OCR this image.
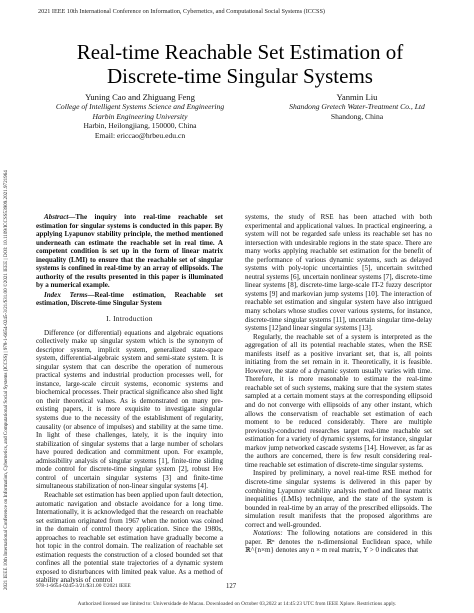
2021 IEEE 10th International Conference on Information, Cybernetics, and Computational Social Systems (ICCSS)
2021 IEEE 10th International Conference on Information, Cybernetics, and Computational Social Systems (ICCSS) | 978-1-6654-0245-3/21/$31.00 ©2021 IEEE | DOI: 10.1109/ICCSS53909.2021.9721964
Real-time Reachable Set Estimation of Discrete-time Singular Systems
Yuning Cao and Zhiguang Feng
College of Intelligent Systems Science and Engineering
Harbin Engineering University
Harbin, Heilongjiang, 150000, China
Email: ericcao@hrbeu.edu.cn
Yanmin Liu
Shandong Gretech Water-Treatment Co., Ltd
Shandong, China

Abstract—The inquiry into real-time reachable set estimation for singular systems is conducted in this paper. By applying Lyapunov stability principle, the method mentioned underneath can estimate the reachable set in real time. A competent condition is set up in the form of linear matrix inequality (LMI) to ensure that the reachable set of singular systems is confined in real-time by an array of ellipsoids. The authority of the results presented in this paper is illuminated by a numerical example.

Index Terms—Real-time estimation, Reachable set estimation, Discrete-time Singular System

I. Introduction

Difference (or differential) equations and algebraic equations collectively make up singular system which is the synonym of descriptor system, implicit system, generalized state-space system, differential-algebraic system and semi-state system. It is singular system that can describe the operation of numerous practical systems and industrial production processes well, for instance, large-scale circuit systems, economic systems and biochemical processes. Their practical significance also shed light on their theoretical values. As is demonstrated on many pre-existing papers, it is more exquisite to investigate singular systems due to the necessity of the establishment of regularity, causality (or absence of impulses) and stability at the same time. In light of these challenges, lately, it is the inquiry into stabilization of singular systems that a large number of scholars have poured dedication and commitment upon. For example, admissibility analysis of singular systems [1], finite-time sliding mode control for discrete-time singular system [2], robust H∞ control of uncertain singular systems [3] and finite-time simultaneous stabilization of non-linear singular systems [4].

Reachable set estimation has been applied upon fault detection, automatic navigation and obstacle avoidance for a long time. Internationally, it is acknowledged that the research on reachable set estimation originated from 1967 when the notion was coined in the domain of control theory application. Since the 1980s, approaches to reachable set estimation have gradually become a hot topic in the control domain. The realization of reachable set estimation requests the construction of a closed bounded set that confines all the potential state trajectories of a dynamic system exposed to disturbances with limited peak value. As a method of stability analysis of control

systems, the study of RSE has been attached with both experimental and applicational values. In practical engineering, a system will not be regarded safe unless its reachable set has no intersection with undesirable regions in the state space. There are many works applying reachable set estimation for the benefit of the performance of various dynamic systems, such as delayed systems with poly-topic uncertainties [5], uncertain switched neutral systems [6], uncertain nonlinear systems [7], discrete-time linear systems [8], discrete-time large-scale IT-2 fuzzy descriptor systems [9] and markovian jump systems [10]. The interaction of reachable set estimation and singular system have also intrigued many scholars whose studies cover various systems, for instance, discrete-time singular systems [11], uncertain singular time-delay systems [12]and linear singular systems [13].

Regularly, the reachable set of a system is interpreted as the aggregation of all its potential reachable states, when the RSE manifests itself as a positive invariant set, that is, all points initiating from the set remain in it. Theoretically, it is feasible. However, the state of a dynamic system usually varies with time. Therefore, it is more reasonable to estimate the real-time reachable set of such systems, making sure that the system states sampled at a certain moment stays at the corresponding ellipsoid and do not converge with ellipsoids of any other instant, which allows the conservatism of reachable set estimation of each moment to be reduced considerably. There are multiple previously-conducted researches target real-time reachable set estimation for a variety of dynamic systems, for instance, singular markov jump networked cascade systems [14]. However, as far as the authors are concerned, there is few result considering real-time reachable set estimation of discrete-time singular systems.

Inspired by preliminary, a novel real-time RSE method for discrete-time singular systems is delivered in this paper by combining Lyapunov stability analysis method and linear matrix inequalities (LMIs) technique, and the state of the system is bounded in real-time by an array of the prescribed ellipsoids. The simulation result manifests that the proposed algorithms are correct and well-grounded.

Notations: The following notations are considered in this paper. ℝⁿ denotes the n-dimensional Euclidean space, while ℝ^{n×m} denotes any n × m real matrix, Y > 0 indicates that

978-1-6654-0245-3/21/$31.00 ©2021 IEEE	127
Authorized licensed use limited to: Universidade de Macau. Downloaded on October 03,2022 at 14:45:23 UTC from IEEE Xplore. Restrictions apply.
